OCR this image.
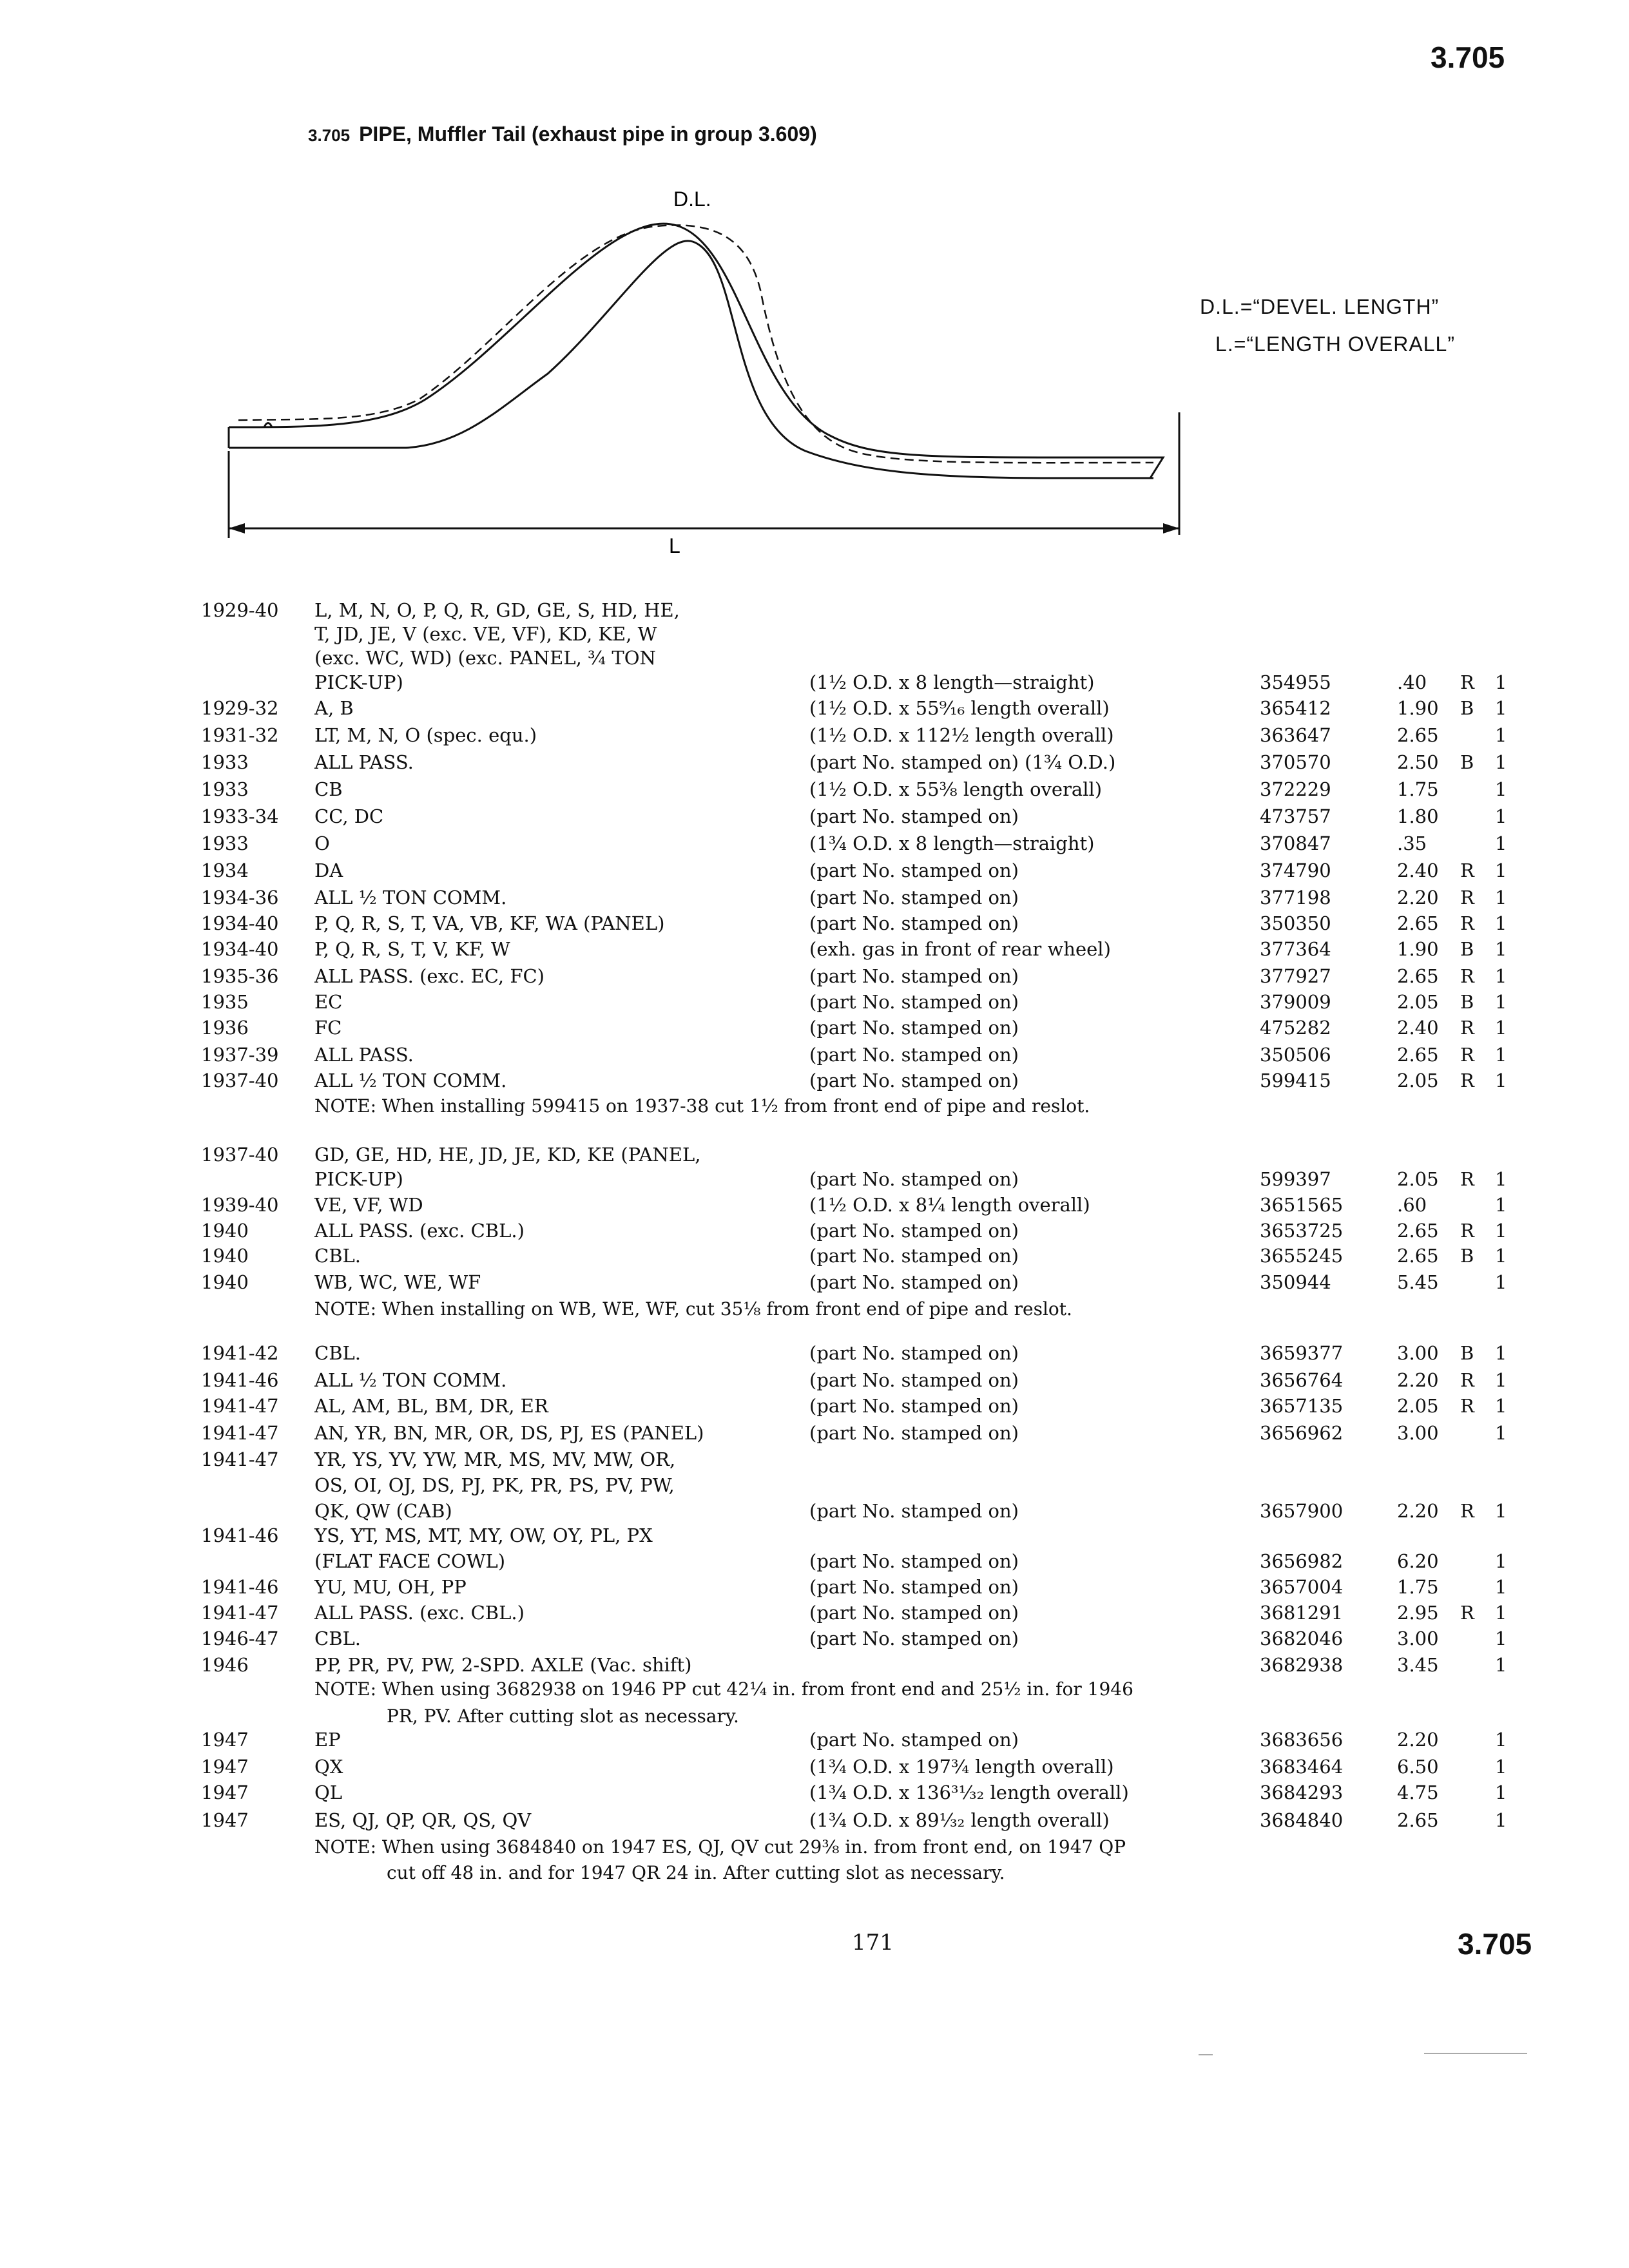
3.705
3.705 PIPE, Muffler Tail (exhaust pipe in group 3.609)
D.L.
L
D.L.=“DEVEL. LENGTH”
L.=“LENGTH OVERALL”
1929-40 L, M, N, O, P, Q, R, GD, GE, S, HD, HE,
T, JD, JE, V (exc. VE, VF), KD, KE, W
(exc. WC, WD) (exc. PANEL, ¾ TON
PICK-UP)	(1½ O.D. x 8 length—straight)	354955	.40 R 1
1929-32 A, B	(1½ O.D. x 55⁹⁄₁₆ length overall)	365412	1.90 B 1
1931-32 LT, M, N, O (spec. equ.)	(1½ O.D. x 112½ length overall)	363647	2.65	1
1933	ALL PASS.	(part No. stamped on) (1¾ O.D.)	370570	2.50 B 1
1933	CB	(1½ O.D. x 55⅜ length overall)	372229	1.75	1
1933-34 CC, DC	(part No. stamped on)	473757	1.80	1
1933	O	(1¾ O.D. x 8 length—straight)	370847	.35	1
1934	DA	(part No. stamped on)	374790	2.40 R 1
1934-36 ALL ½ TON COMM.	(part No. stamped on)	377198	2.20 R 1
1934-40 P, Q, R, S, T, VA, VB, KF, WA (PANEL)	(part No. stamped on)	350350	2.65 R 1
1934-40 P, Q, R, S, T, V, KF, W	(exh. gas in front of rear wheel)	377364	1.90 B 1
1935-36 ALL PASS. (exc. EC, FC)	(part No. stamped on)	377927	2.65 R 1
1935	EC	(part No. stamped on)	379009	2.05 B 1
1936	FC	(part No. stamped on)	475282	2.40 R 1
1937-39 ALL PASS.	(part No. stamped on)	350506	2.65 R 1
1937-40 ALL ½ TON COMM.	(part No. stamped on)	599415	2.05 R 1
1937-40 GD, GE, HD, HE, JD, JE, KD, KE (PANEL,
PICK-UP)	(part No. stamped on)	599397	2.05 R 1
1939-40 VE, VF, WD	(1½ O.D. x 8¼ length overall)	3651565	.60	1
1940	ALL PASS. (exc. CBL.)	(part No. stamped on)	3653725	2.65 R 1
1940	CBL.	(part No. stamped on)	3655245	2.65 B 1
1940	WB, WC, WE, WF	(part No. stamped on)	350944	5.45	1
1941-42 CBL.	(part No. stamped on)	3659377	3.00 B 1
1941-46 ALL ½ TON COMM.	(part No. stamped on)	3656764	2.20 R 1
1941-47 AL, AM, BL, BM, DR, ER	(part No. stamped on)	3657135	2.05 R 1
1941-47 AN, YR, BN, MR, OR, DS, PJ, ES (PANEL)	(part No. stamped on)	3656962	3.00	1
1941-47 YR, YS, YV, YW, MR, MS, MV, MW, OR,
OS, OI, OJ, DS, PJ, PK, PR, PS, PV, PW,
QK, QW (CAB)	(part No. stamped on)	3657900	2.20 R 1
1941-46 YS, YT, MS, MT, MY, OW, OY, PL, PX
(FLAT FACE COWL)	(part No. stamped on)	3656982	6.20	1
1941-46 YU, MU, OH, PP	(part No. stamped on)	3657004	1.75	1
1941-47 ALL PASS. (exc. CBL.)	(part No. stamped on)	3681291	2.95 R 1
1946-47 CBL.	(part No. stamped on)	3682046	3.00	1
1946	PP, PR, PV, PW, 2-SPD. AXLE (Vac. shift)	3682938	3.45	1
1947	EP	(part No. stamped on)	3683656	2.20	1
1947	QX	(1¾ O.D. x 197¾ length overall)	3683464	6.50	1
1947	QL	(1¾ O.D. x 136³¹⁄₃₂ length overall)	3684293	4.75	1
1947	ES, QJ, QP, QR, QS, QV	(1¾ O.D. x 89¹⁄₃₂ length overall)	3684840	2.65	1
NOTE: When installing 599415 on 1937-38 cut 1½ from front end of pipe and reslot.
NOTE: When installing on WB, WE, WF, cut 35⅛ from front end of pipe and reslot.
NOTE: When using 3682938 on 1946 PP cut 42¼ in. from front end and 25½ in. for 1946
PR, PV. After cutting slot as necessary.
NOTE: When using 3684840 on 1947 ES, QJ, QV cut 29⅜ in. from front end, on 1947 QP
cut off 48 in. and for 1947 QR 24 in. After cutting slot as necessary.
171	3.705
